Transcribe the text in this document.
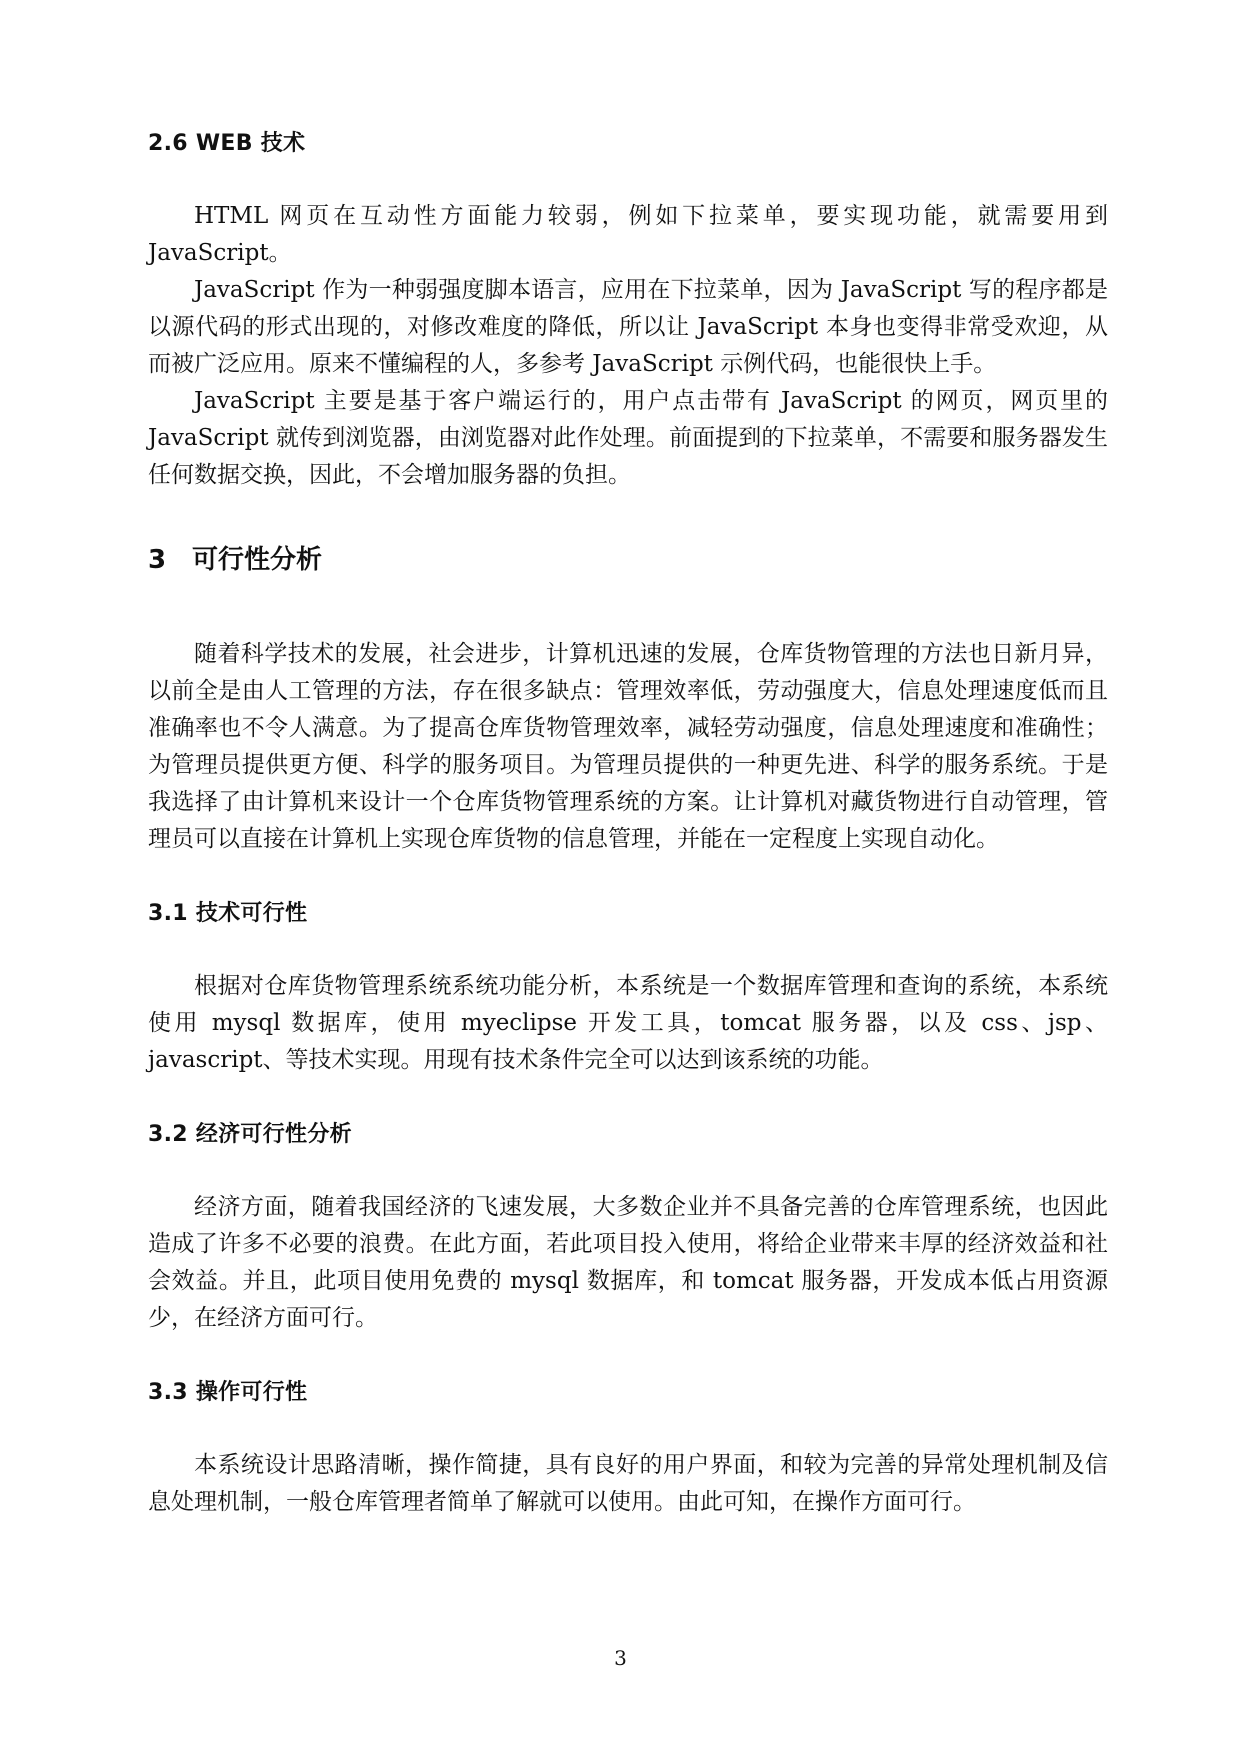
2.6 WEB 技术

HTML 网页在互动性方面能力较弱，例如下拉菜单，要实现功能，就需要用到 JavaScript。

JavaScript 作为一种弱强度脚本语言，应用在下拉菜单，因为 JavaScript 写的程序都是以源代码的形式出现的，对修改难度的降低，所以让 JavaScript 本身也变得非常受欢迎，从而被广泛应用。原来不懂编程的人，多参考 JavaScript 示例代码，也能很快上手。

JavaScript 主要是基于客户端运行的，用户点击带有 JavaScript 的网页，网页里的 JavaScript 就传到浏览器，由浏览器对此作处理。前面提到的下拉菜单，不需要和服务器发生任何数据交换，因此，不会增加服务器的负担。

3 可行性分析

随着科学技术的发展，社会进步，计算机迅速的发展，仓库货物管理的方法也日新月异，以前全是由人工管理的方法，存在很多缺点：管理效率低，劳动强度大，信息处理速度低而且准确率也不令人满意。为了提高仓库货物管理效率，减轻劳动强度，信息处理速度和准确性；为管理员提供更方便、科学的服务项目。为管理员提供的一种更先进、科学的服务系统。于是我选择了由计算机来设计一个仓库货物管理系统的方案。让计算机对藏货物进行自动管理，管理员可以直接在计算机上实现仓库货物的信息管理，并能在一定程度上实现自动化。

3.1 技术可行性

根据对仓库货物管理系统系统功能分析，本系统是一个数据库管理和查询的系统，本系统使用 mysql 数据库，使用 myeclipse 开发工具，tomcat 服务器，以及 css、jsp、javascript、等技术实现。用现有技术条件完全可以达到该系统的功能。

3.2 经济可行性分析

经济方面，随着我国经济的飞速发展，大多数企业并不具备完善的仓库管理系统，也因此造成了许多不必要的浪费。在此方面，若此项目投入使用，将给企业带来丰厚的经济效益和社会效益。并且，此项目使用免费的 mysql 数据库，和 tomcat 服务器，开发成本低占用资源少，在经济方面可行。

3.3 操作可行性

本系统设计思路清晰，操作简捷，具有良好的用户界面，和较为完善的异常处理机制及信息处理机制，一般仓库管理者简单了解就可以使用。由此可知，在操作方面可行。

3
